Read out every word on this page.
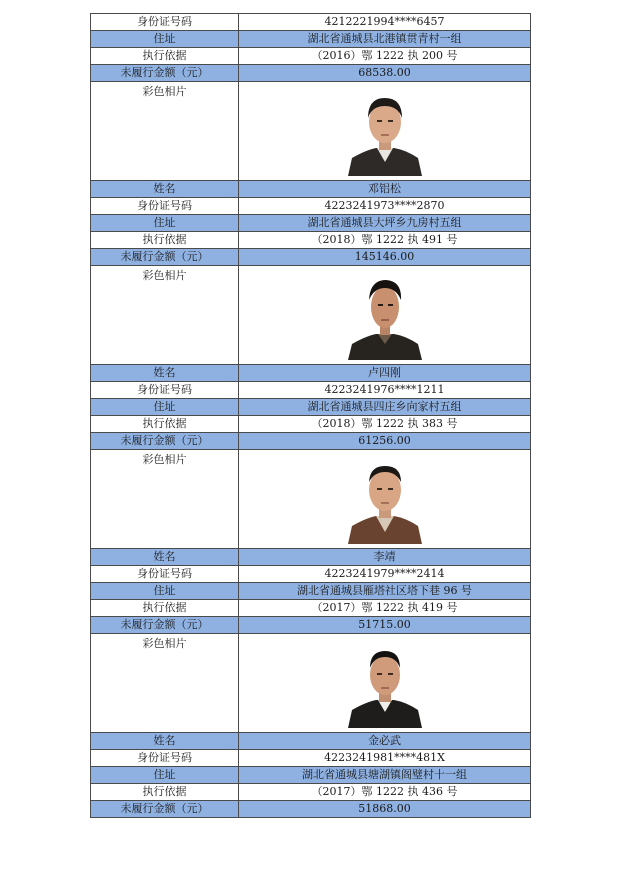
身份证号码	4212221994****6457
住址	湖北省通城县北港镇贯青村一组
执行依据	（2016）鄂 1222 执 200 号
未履行金额（元）	68538.00
彩色相片	

姓名	邓铝松
身份证号码	4223241973****2870
住址	湖北省通城县大坪乡九房村五组
执行依据	（2018）鄂 1222 执 491 号
未履行金额（元）	145146.00
彩色相片	

姓名	卢四刚
身份证号码	4223241976****1211
住址	湖北省通城县四庄乡向家村五组
执行依据	（2018）鄂 1222 执 383 号
未履行金额（元）	61256.00
彩色相片	

姓名	李靖
身份证号码	4223241979****2414
住址	湖北省通城县雁塔社区塔下巷 96 号
执行依据	（2017）鄂 1222 执 419 号
未履行金额（元）	51715.00
彩色相片	

姓名	金必武
身份证号码	4223241981****481X
住址	湖北省通城县塘湖镇阁璧村十一组
执行依据	（2017）鄂 1222 执 436 号
未履行金额（元）	51868.00
